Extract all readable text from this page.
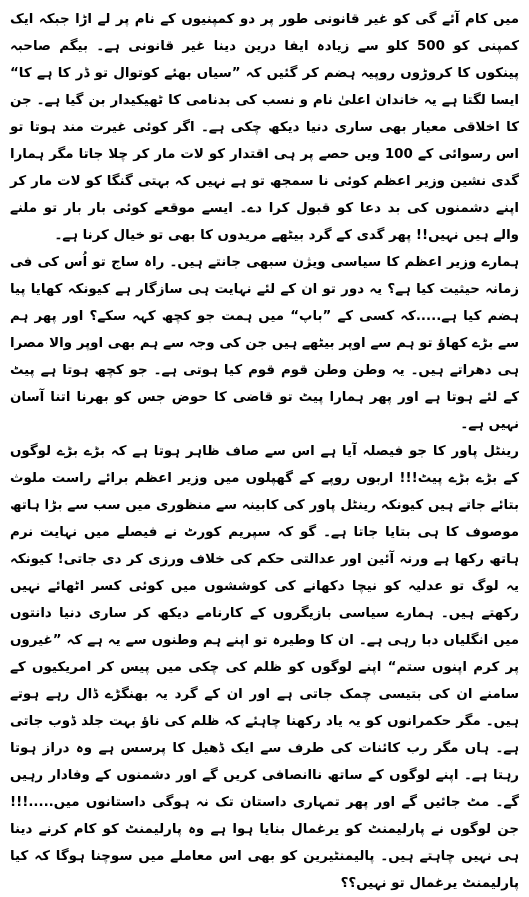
میں کام آئے گی کو غیر قانونی طور پر دو کمپنیوں کے نام پر لے اڑا جبکہ ایک کمپنی کو 500 کلو سے زیادہ ایفا درین دینا غیر قانونی ہے۔ بیگم صاحبہ پینکوں کا کروڑوں روپیہ ہضم کر گئیں کہ ”سیاں بھئے کوتوال تو ڈر کا ہے کا“ ایسا لگتا ہے یہ خاندان اعلیٰ نام و نسب کی بدنامی کا ٹھیکیدار بن گیا ہے۔ جن کا اخلاقی معیار بھی ساری دنیا دیکھ چکی ہے۔ اگر کوئی غیرت مند ہوتا تو اس رسوائی کے 100 ویں حصے پر ہی اقتدار کو لات مار کر چلا جاتا مگر ہمارا گدی نشین وزیر اعظم کوئی نا سمجھ تو ہے نہیں کہ بہتی گنگا کو لات مار کر اپنے دشمنوں کی بد دعا کو قبول کرا دے۔ ایسے موقعے کوئی بار بار تو ملنے والے ہیں نہیں!! پھر گدی کے گرد بیٹھے مریدوں کا بھی تو خیال کرنا ہے۔

ہمارے وزیر اعظم کا سیاسی ویژن سبھی جانتے ہیں۔ راہ ساج تو اُس کی فی زمانہ حیثیت کیا ہے؟ یہ دور تو ان کے لئے نہایت ہی سازگار ہے کیونکہ کھایا پیا ہضم کیا ہے.....کہ کسی کے ”باپ“ میں ہمت جو کچھ کہہ سکے؟ اور پھر ہم سے بڑے کھاؤ تو ہم سے اوپر بیٹھے ہیں جن کی وجہ سے ہم بھی اوپر والا مصرا ہی دھراتے ہیں۔ یہ وطن وطن قوم قوم کیا ہوتی ہے۔ جو کچھ ہوتا ہے پیٹ کے لئے ہوتا ہے اور پھر ہمارا پیٹ تو قاضی کا حوض جس کو بھرنا اتنا آسان نہیں ہے۔

رینٹل پاور کا جو فیصلہ آیا ہے اس سے صاف ظاہر ہوتا ہے کہ بڑے بڑے لوگوں کے بڑے بڑے پیٹ!!! اربوں روپے کے گھپلوں میں وزیر اعظم برائے راست ملوث بتائے جاتے ہیں کیونکہ رینٹل پاور کی کابینہ سے منظوری میں سب سے بڑا ہاتھ موصوف کا ہی بتایا جاتا ہے۔ گو کہ سپریم کورٹ نے فیصلے میں نہایت نرم ہاتھ رکھا ہے ورنہ آئین اور عدالتی حکم کی خلاف ورزی کر دی جاتی! کیونکہ یہ لوگ تو عدلیہ کو نیچا دکھانے کی کوششوں میں کوئی کسر اٹھائے نہیں رکھتے ہیں۔ ہمارے سیاسی بازیگروں کے کارنامے دیکھ کر ساری دنیا دانتوں میں انگلیاں دبا رہی ہے۔ ان کا وطیرہ تو اپنے ہم وطنوں سے یہ ہے کہ ”غیروں پر کرم اپنوں ستم“ اپنے لوگوں کو ظلم کی چکی میں پیس کر امریکیوں کے سامنے ان کی بتیسی چمک جاتی ہے اور ان کے گرد یہ بھنگڑے ڈال رہے ہوتے ہیں۔ مگر حکمرانوں کو یہ یاد رکھنا چاہئے کہ ظلم کی ناؤ بہت جلد ڈوب جاتی ہے۔ ہاں مگر رب کائنات کی طرف سے ایک ڈھیل کا پرسس ہے وہ دراز ہوتا رہتا ہے۔ اپنے لوگوں کے ساتھ ناانصافی کریں گے اور دشمنوں کے وفادار رہیں گے۔ مٹ جائیں گے اور پھر تمہاری داستان تک نہ ہوگی داستانوں میں.....!!! جن لوگوں نے پارلیمنٹ کو یرغمال بنایا ہوا ہے وہ پارلیمنٹ کو کام کرنے دینا ہی نہیں چاہتے ہیں۔ پالیمنٹیرین کو بھی اس معاملے میں سوچنا ہوگا کہ کیا پارلیمنٹ یرغمال تو نہیں؟؟
